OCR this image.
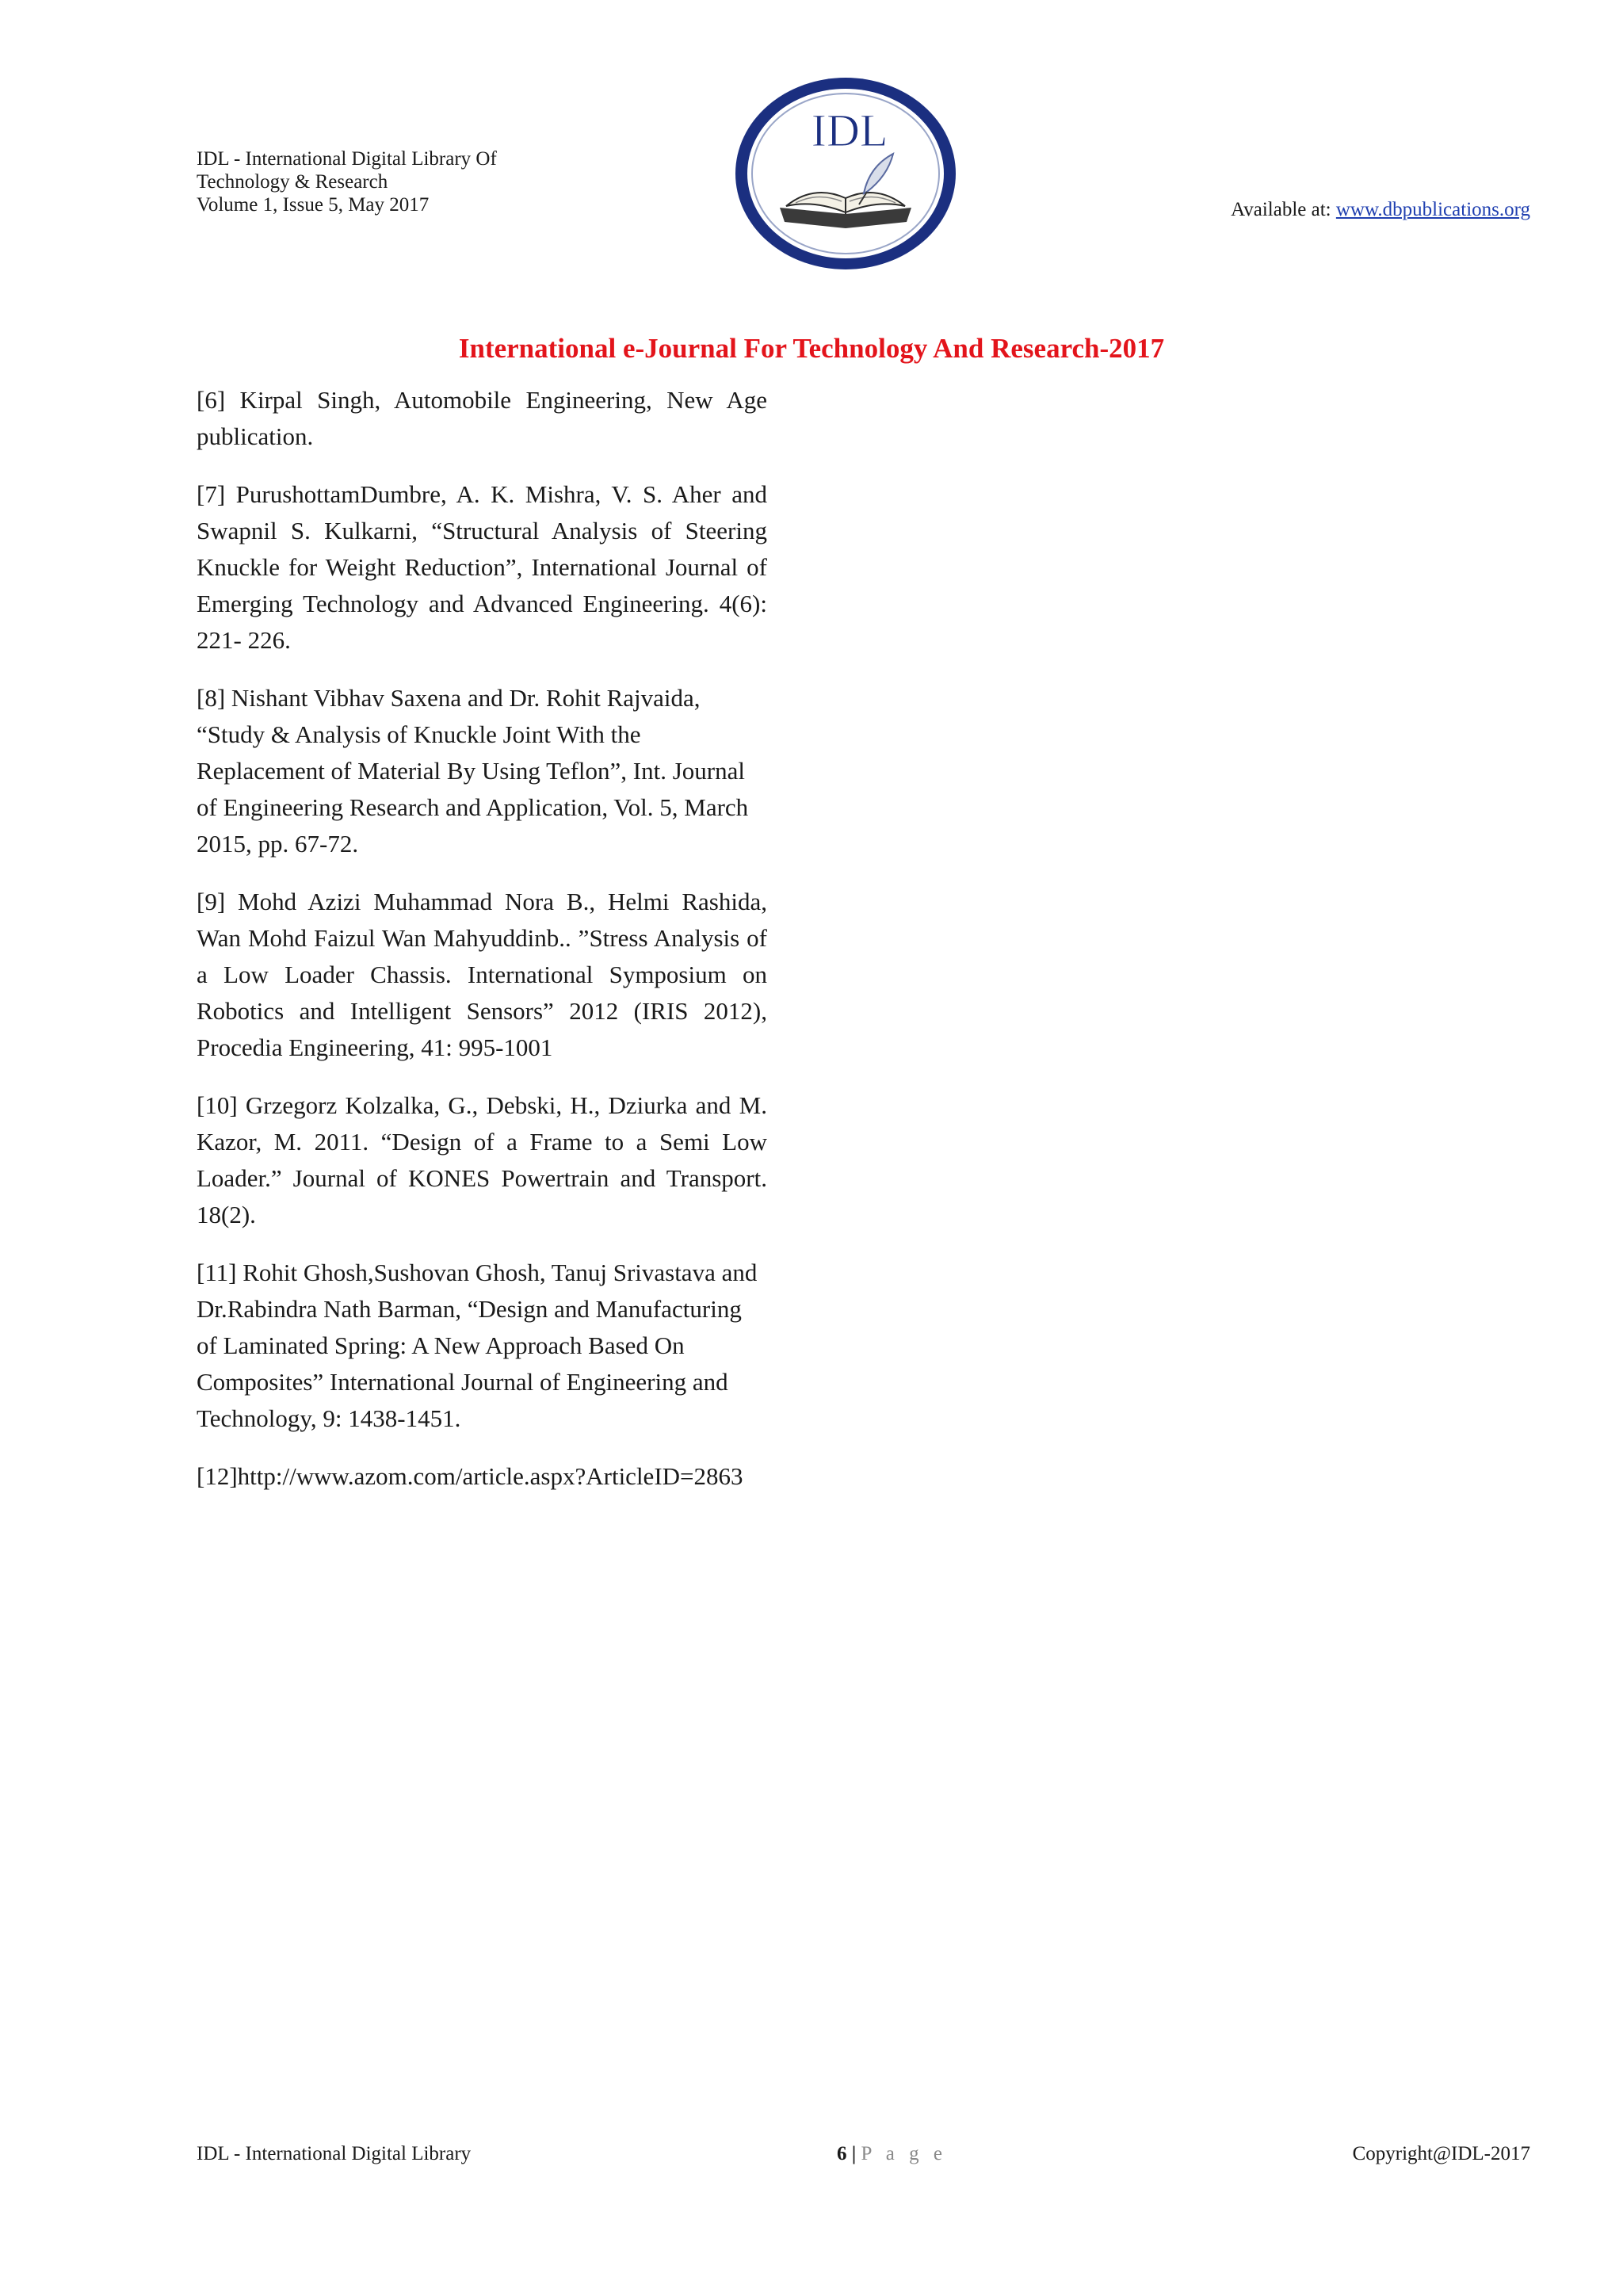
IDL - International Digital Library Of
Technology & Research
Volume 1, Issue 5, May 2017
IDL
Available at: www.dbpublications.org
International e-Journal For Technology And Research-2017

[6] Kirpal Singh, Automobile Engineering, New Age publication.

[7] PurushottamDumbre, A. K. Mishra, V. S. Aher and Swapnil S. Kulkarni, “Structural Analysis of Steering Knuckle for Weight Reduction”, International Journal of Emerging Technology and Advanced Engineering. 4(6): 221- 226.

[8] Nishant Vibhav Saxena and Dr. Rohit Rajvaida, “Study & Analysis of Knuckle Joint With the Replacement of Material By Using Teflon”, Int. Journal of Engineering Research and Application, Vol. 5, March 2015, pp. 67-72.

[9] Mohd Azizi Muhammad Nora B., Helmi Rashida, Wan Mohd Faizul Wan Mahyuddinb.. ”Stress Analysis of a Low Loader Chassis. International Symposium on Robotics and Intelligent Sensors” 2012 (IRIS 2012), Procedia Engineering, 41: 995-1001

[10] Grzegorz Kolzalka, G., Debski, H., Dziurka and M. Kazor, M. 2011. “Design of a Frame to a Semi Low Loader.” Journal of KONES Powertrain and Transport. 18(2).

[11] Rohit Ghosh,Sushovan Ghosh, Tanuj Srivastava and Dr.Rabindra Nath Barman, “Design and Manufacturing of Laminated Spring: A New Approach Based On Composites” International Journal of Engineering and Technology, 9: 1438-1451.

[12]http://www.azom.com/article.aspx?ArticleID=2863

IDL - International Digital Library	6 | P a g e	Copyright@IDL-2017
